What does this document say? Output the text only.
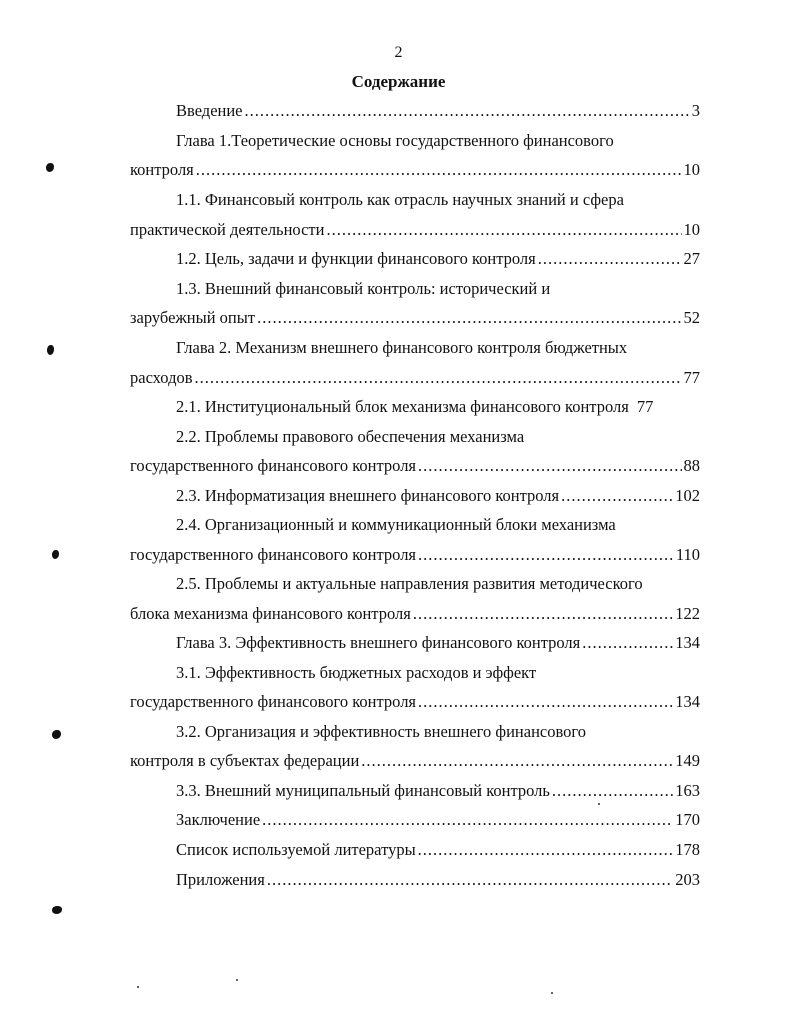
2
Содержание
Введение .....	3
Глава 1.Теоретические основы государственного финансового
контроля .....	10
1.1. Финансовый контроль как отрасль научных знаний и сфера
практической деятельности .....	10
1.2. Цель, задачи и функции финансового контроля .....	27
1.3. Внешний финансовый контроль: исторический и
зарубежный опыт .....	52
Глава 2. Механизм внешнего финансового контроля бюджетных
расходов .....	77
2.1. Институциональный блок механизма финансового контроля 77
2.2. Проблемы правового обеспечения механизма
государственного финансового контроля .....	88
2.3. Информатизация внешнего финансового контроля .....	102
2.4. Организационный и коммуникационный блоки механизма
государственного финансового контроля .....	110
2.5. Проблемы и актуальные направления развития методического
блока механизма финансового контроля .....	122
Глава 3. Эффективность внешнего финансового контроля .....	134
3.1. Эффективность бюджетных расходов и эффект
государственного финансового контроля .....	134
3.2. Организация и эффективность внешнего финансового
контроля в субъектах федерации .....	149
3.3. Внешний муниципальный финансовый контроль .....	163
Заключение .....	170
Список используемой литературы .....	178
Приложения .....	203
